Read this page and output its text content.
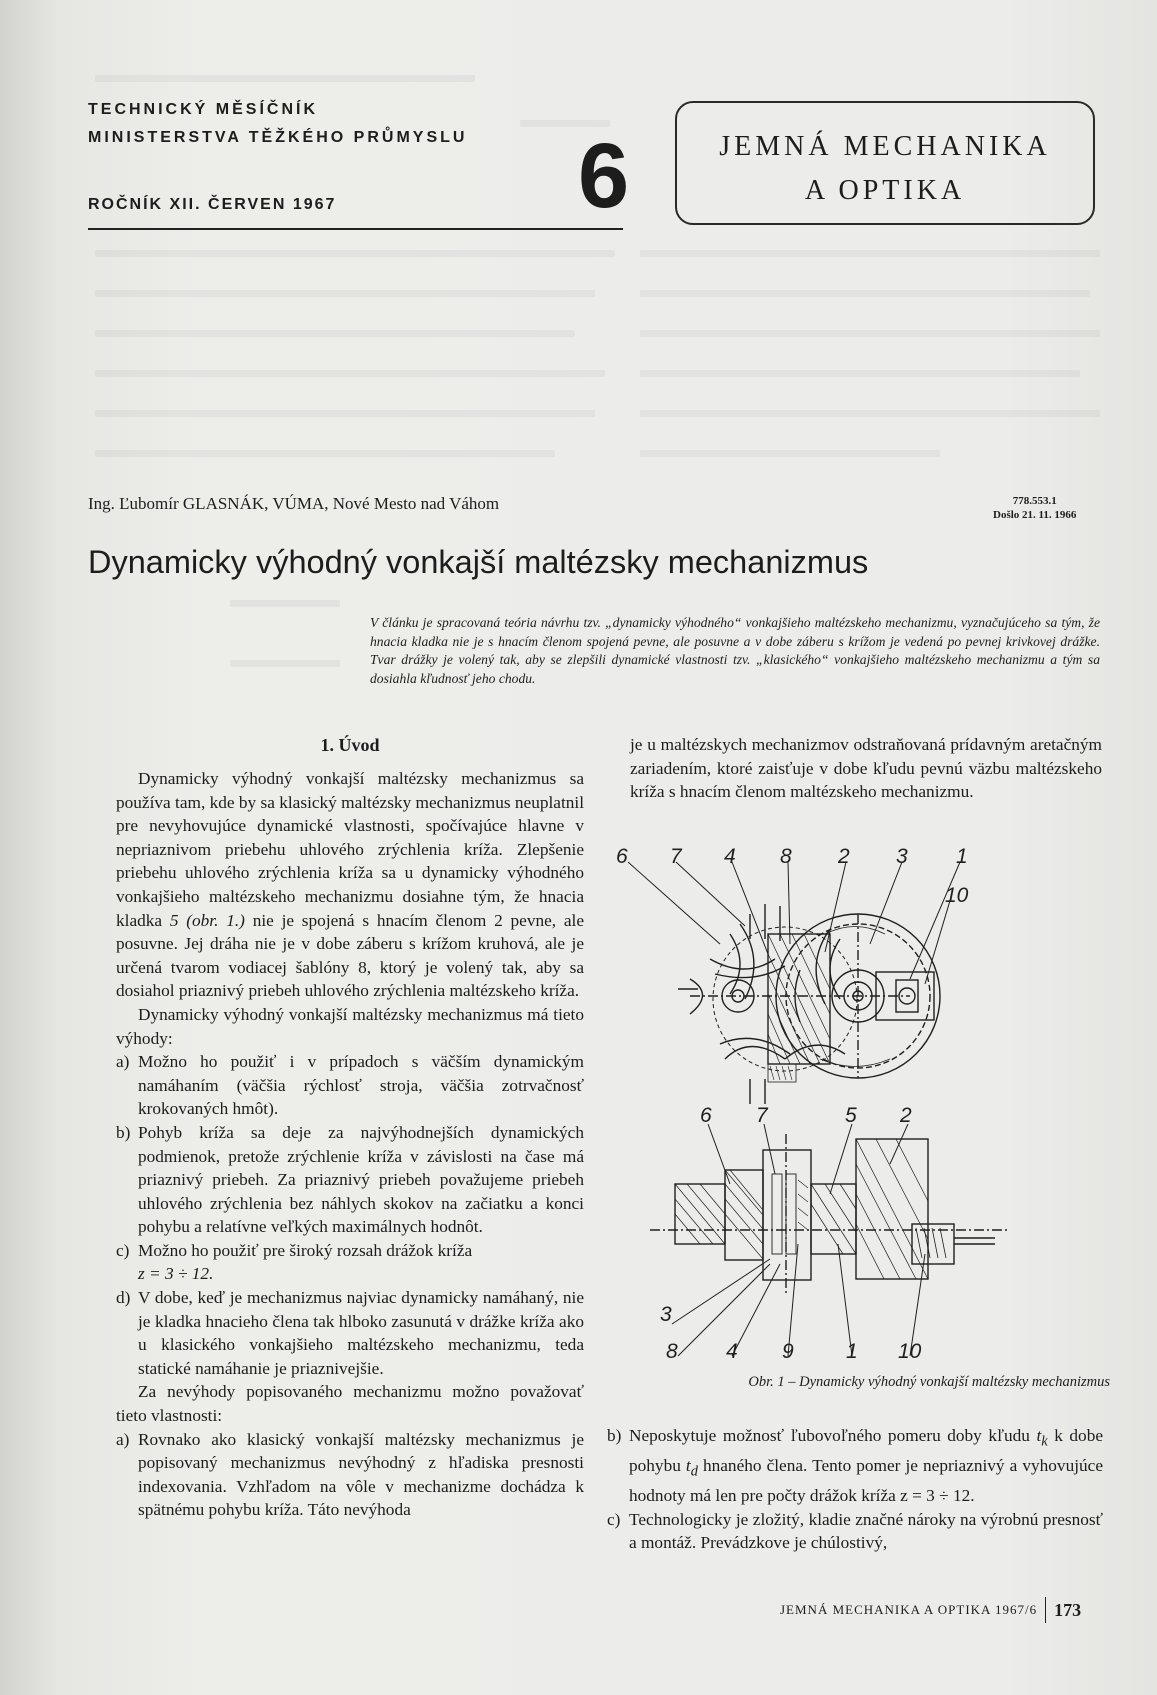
TECHNICKÝ MĚSÍČNÍK
MINISTERSTVA TĚŽKÉHO PRŮMYSLU
ROČNÍK XII. ČERVEN 1967	6	JEMNÁ MECHANIKA
A OPTIKA
Ing. Ľubomír GLASNÁK, VÚMA, Nové Mesto nad Váhom	778.553.1
Došlo 21. 11. 1966
Dynamicky výhodný vonkajší maltézsky mechanizmus
V článku je spracovaná teória návrhu tzv. „dynamicky výhodného“ vonkajšieho maltézskeho mechanizmu, vyznačujúceho sa tým, že hnacia kladka nie je s hnacím členom spojená pevne, ale posuvne a v dobe záberu s krížom je vedená po pevnej krivkovej drážke. Tvar drážky je volený tak, aby se zlepšili dynamické vlastnosti tzv. „klasického“ vonkajšieho maltézskeho mechanizmu a tým sa dosiahla kľudnosť jeho chodu.
1. Úvod

Dynamicky výhodný vonkajší maltézsky mechanizmus sa používa tam, kde by sa klasický maltézsky mechanizmus neuplatnil pre nevyhovujúce dynamické vlastnosti, spočívajúce hlavne v nepriaznivom priebehu uhlového zrýchlenia kríža. Zlepšenie priebehu uhlového zrýchlenia kríža sa u dynamicky výhodného vonkajšieho maltézskeho mechanizmu dosiahne tým, že hnacia kladka 5 (obr. 1.) nie je spojená s hnacím členom 2 pevne, ale posuvne. Jej dráha nie je v dobe záberu s krížom kruhová, ale je určená tvarom vodiacej šablóny 8, ktorý je volený tak, aby sa dosiahol priaznivý priebeh uhlového zrýchlenia maltézskeho kríža.

Dynamicky výhodný vonkajší maltézsky mechanizmus má tieto výhody:

a) Možno ho použiť i v prípadoch s väčším dynamickým namáhaním (väčšia rýchlosť stroja, väčšia zotrvačnosť krokovaných hmôt).
b) Pohyb kríža sa deje za najvýhodnejších dynamických podmienok, pretože zrýchlenie kríža v závislosti na čase má priaznivý priebeh. Za priaznivý priebeh považujeme priebeh uhlového zrýchlenia bez náhlych skokov na začiatku a konci pohybu a relatívne veľkých maximálnych hodnôt.
c) Možno ho použiť pre široký rozsah drážok kríža
z = 3 ÷ 12.
d) V dobe, keď je mechanizmus najviac dynamicky namáhaný, nie je kladka hnacieho člena tak hlboko zasunutá v drážke kríža ako u klasického vonkajšieho maltézskeho mechanizmu, teda statické namáhanie je priaznivejšie.

Za nevýhody popisovaného mechanizmu možno považovať tieto vlastnosti:

a) Rovnako ako klasický vonkajší maltézsky mechanizmus je popisovaný mechanizmus nevýhodný z hľadiska presnosti indexovania. Vzhľadom na vôle v mechanizme dochádza k spätnému pohybu kríža. Táto nevýhoda

je u maltézskych mechanizmov odstraňovaná prídavným aretačným zariadením, ktoré zaisťuje v dobe kľudu pevnú väzbu maltézskeho kríža s hnacím členom maltézskeho mechanizmu.

6 7 4 8 2 3 1
10
6 7	5 2
3
8 4 9 1 10
Obr. 1 – Dynamicky výhodný vonkajší maltézsky mechanizmus
b) Neposkytuje možnosť ľubovoľného pomeru doby kľudu $t_k$ k dobe pohybu $t_d$ hnaného člena. Tento pomer je nepriaznivý a vyhovujúce hodnoty má len pre počty drážok kríža z = 3 ÷ 12.
c) Technologicky je zložitý, kladie značné nároky na výrobnú presnosť a montáž. Prevádzkove je chúlostivý,
JEMNÁ MECHANIKA A OPTIKA 1967/6 173
